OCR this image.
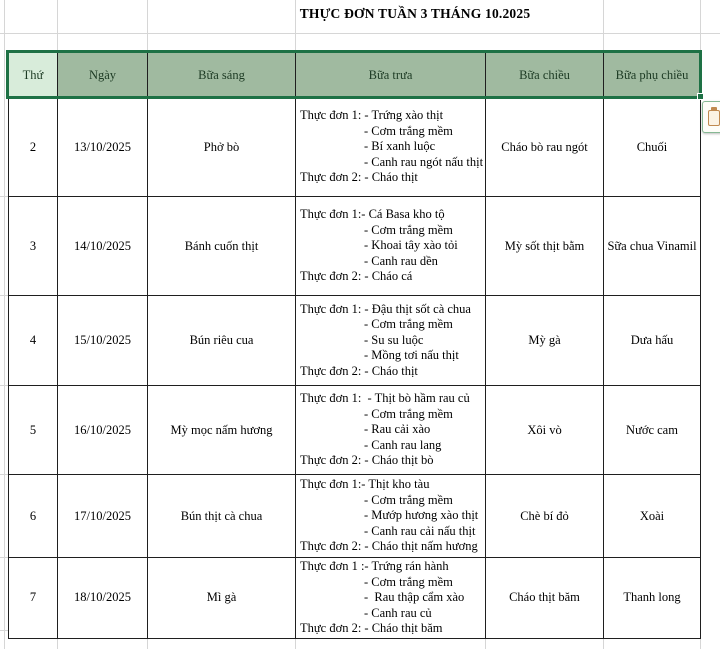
THỰC ĐƠN TUẦN 3 THÁNG 10.2025
Thứ	Ngày	Bữa sáng	Bữa trưa	Bữa chiều	Bữa phụ chiều
2	13/10/2025	Phở bò	Thực đơn 1: - Trứng xào thịt
- Cơm trắng mềm
- Bí xanh luộc
- Canh rau ngót nấu thịt
Thực đơn 2: - Cháo thịt	Cháo bò rau ngót	Chuối
3	14/10/2025	Bánh cuốn thịt	Thực đơn 1:- Cá Basa kho tộ
- Cơm trắng mềm
- Khoai tây xào tỏi
- Canh rau dền
Thực đơn 2: - Cháo cá	Mỳ sốt thịt bằm	Sữa chua Vinamil
4	15/10/2025	Bún riêu cua	Thực đơn 1: - Đậu thịt sốt cà chua
- Cơm trắng mềm
- Su su luộc
- Mồng tơi nấu thịt
Thực đơn 2: - Cháo thịt	Mỳ gà	Dưa hấu
5	16/10/2025	Mỳ mọc nấm hương	Thực đơn 1:  - Thịt bò hầm rau củ
- Cơm trắng mềm
- Rau cải xào
- Canh rau lang
Thực đơn 2: - Cháo thịt bò	Xôi vò	Nước cam
6	17/10/2025	Bún thịt cà chua	Thực đơn 1:- Thịt kho tàu
- Cơm trắng mềm
- Mướp hương xào thịt
- Canh rau cải nấu thịt
Thực đơn 2: - Cháo thịt nấm hương	Chè bí đỏ	Xoài
7	18/10/2025	Mì gà	Thực đơn 1 :- Trứng rán hành
- Cơm trắng mềm
-  Rau thập cẩm xào
- Canh rau củ
Thực đơn 2: - Cháo thịt băm	Cháo thịt băm	Thanh long
